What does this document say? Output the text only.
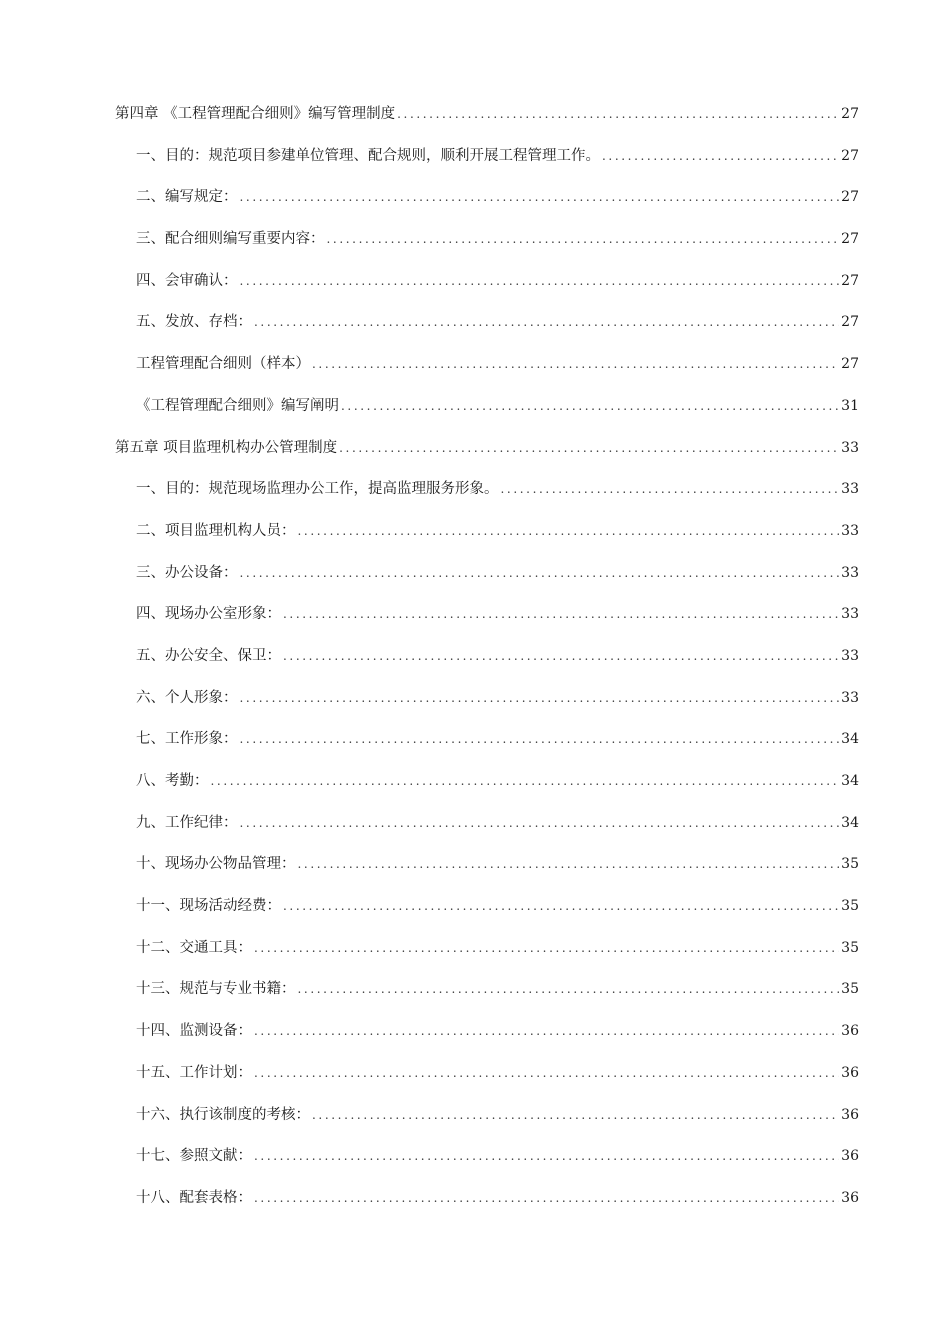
第四章 《工程管理配合细则》编写管理制度 .....	27
一、目的：规范项目参建单位管理、配合规则，顺利开展工程管理工作。 .....	27
二、编写规定： .....	27
三、配合细则编写重要内容： .....	27
四、会审确认： .....	27
五、发放、存档： .....	27
工程管理配合细则（样本） .....	27
《工程管理配合细则》编写阐明 .....	31
第五章 项目监理机构办公管理制度 .....	33
一、目的：规范现场监理办公工作，提高监理服务形象。 .....	33
二、项目监理机构人员： .....	33
三、办公设备： .....	33
四、现场办公室形象： .....	33
五、办公安全、保卫： .....	33
六、个人形象： .....	33
七、工作形象： .....	34
八、考勤： .....	34
九、工作纪律： .....	34
十、现场办公物品管理： .....	35
十一、现场活动经费： .....	35
十二、交通工具： .....	35
十三、规范与专业书籍： .....	35
十四、监测设备： .....	36
十五、工作计划： .....	36
十六、执行该制度的考核： .....	36
十七、参照文献： .....	36
十八、配套表格： .....	36
